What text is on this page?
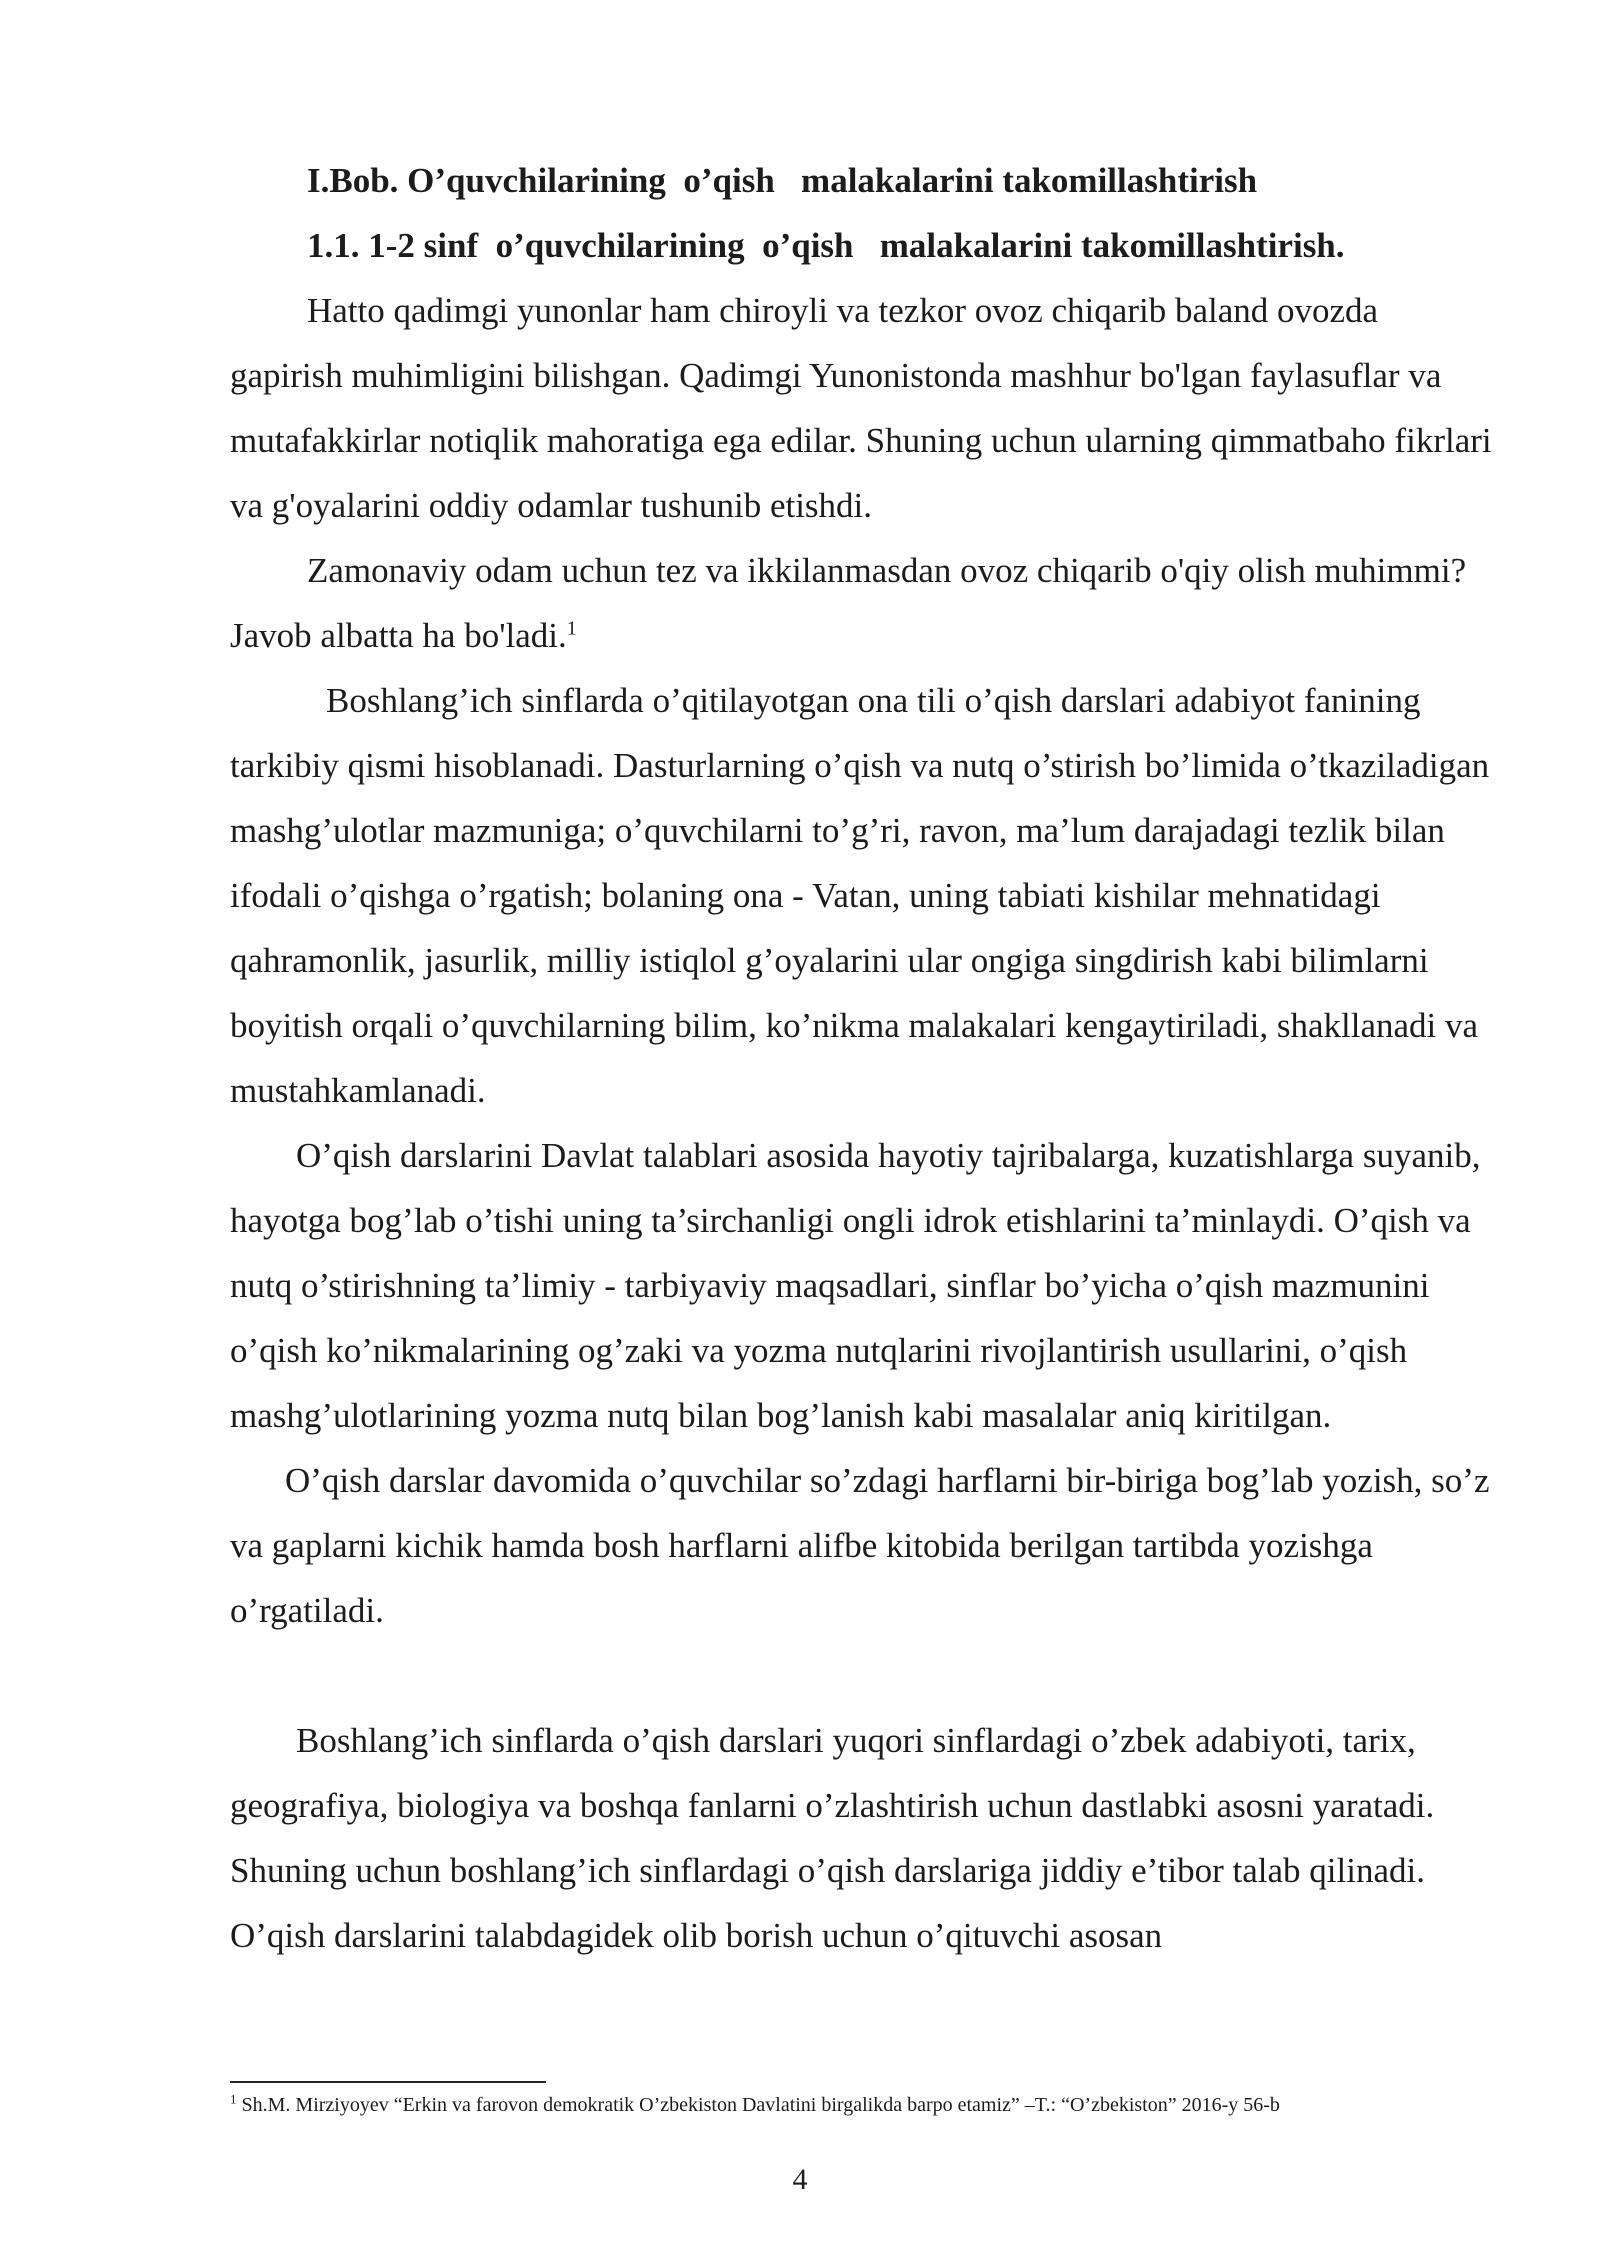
I.Bob. O’quvchilarining  o’qish   malakalarini takomillashtirish

1.1. 1-2 sinf  o’quvchilarining  o’qish   malakalarini takomillashtirish.

Hatto qadimgi yunonlar ham chiroyli va tezkor ovoz chiqarib baland ovozda gapirish muhimligini bilishgan. Qadimgi Yunonistonda mashhur bo'lgan faylasuflar va mutafakkirlar notiqlik mahoratiga ega edilar. Shuning uchun ularning qimmatbaho fikrlari va g'oyalarini oddiy odamlar tushunib etishdi.

Zamonaviy odam uchun tez va ikkilanmasdan ovoz chiqarib o'qiy olish muhimmi? Javob albatta ha bo'ladi.$^1$

Boshlang’ich sinflarda o’qitilayotgan ona tili o’qish darslari adabiyot fanining tarkibiy qismi hisoblanadi. Dasturlarning o’qish va nutq o’stirish bo’limida o’tkaziladigan mashg’ulotlar mazmuniga; o’quvchilarni to’g’ri, ravon, ma’lum darajadagi tezlik bilan ifodali o’qishga o’rgatish; bolaning ona - Vatan, uning tabiati kishilar mehnatidagi qahramonlik, jasurlik, milliy istiqlol g’oyalarini ular ongiga singdirish kabi bilimlarni boyitish orqali o’quvchilarning bilim, ko’nikma malakalari kengaytiriladi, shakllanadi va mustahkamlanadi.

O’qish darslarini Davlat talablari asosida hayotiy tajribalarga, kuzatishlarga suyanib, hayotga bog’lab o’tishi uning ta’sirchanligi ongli idrok etishlarini ta’minlaydi. O’qish va nutq o’stirishning ta’limiy - tarbiyaviy maqsadlari, sinflar bo’yicha o’qish mazmunini o’qish ko’nikmalarining og’zaki va yozma nutqlarini rivojlantirish usullarini, o’qish mashg’ulotlarining yozma nutq bilan bog’lanish kabi masalalar aniq kiritilgan.

O’qish darslar davomida o’quvchilar so’zdagi harflarni bir-biriga bog’lab yozish, so’z va gaplarni kichik hamda bosh harflarni alifbe kitobida berilgan tartibda yozishga o’rgatiladi.

Boshlang’ich sinflarda o’qish darslari yuqori sinflardagi o’zbek adabiyoti, tarix, geografiya, biologiya va boshqa fanlarni o’zlashtirish uchun dastlabki asosni yaratadi. Shuning uchun boshlang’ich sinflardagi o’qish darslariga jiddiy e’tibor talab qilinadi. O’qish darslarini talabdagidek olib borish uchun o’qituvchi asosan

$^1$ Sh.M. Mirziyoyev “Erkin va farovon demokratik O’zbekiston Davlatini birgalikda barpo etamiz” –T.: “O’zbekiston” 2016-y 56-b
4
